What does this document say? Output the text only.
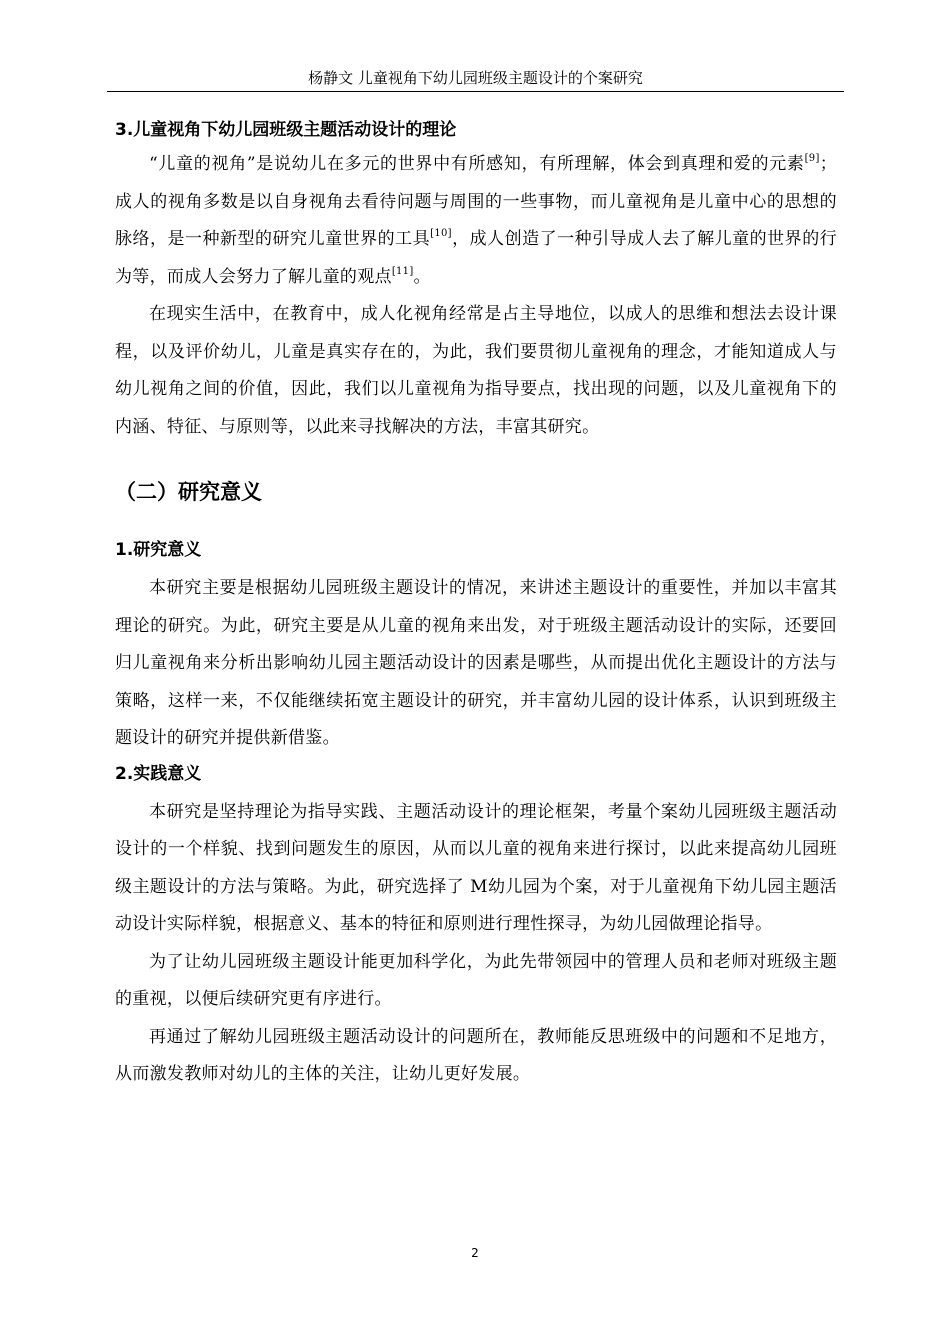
杨静文 儿童视角下幼儿园班级主题设计的个案研究
3.儿童视角下幼儿园班级主题活动设计的理论

“儿童的视角”是说幼儿在多元的世界中有所感知，有所理解，体会到真理和爱的元素[9]；成人的视角多数是以自身视角去看待问题与周围的一些事物，而儿童视角是儿童中心的思想的脉络，是一种新型的研究儿童世界的工具[10]，成人创造了一种引导成人去了解儿童的世界的行为等，而成人会努力了解儿童的观点[11]。

在现实生活中，在教育中，成人化视角经常是占主导地位，以成人的思维和想法去设计课程，以及评价幼儿，儿童是真实存在的，为此，我们要贯彻儿童视角的理念，才能知道成人与幼儿视角之间的价值，因此，我们以儿童视角为指导要点，找出现的问题，以及儿童视角下的内涵、特征、与原则等，以此来寻找解决的方法，丰富其研究。

（二）研究意义
1.研究意义

本研究主要是根据幼儿园班级主题设计的情况，来讲述主题设计的重要性，并加以丰富其理论的研究。为此，研究主要是从儿童的视角来出发，对于班级主题活动设计的实际，还要回归儿童视角来分析出影响幼儿园主题活动设计的因素是哪些，从而提出优化主题设计的方法与策略，这样一来，不仅能继续拓宽主题设计的研究，并丰富幼儿园的设计体系，认识到班级主题设计的研究并提供新借鉴。

2.实践意义

本研究是坚持理论为指导实践、主题活动设计的理论框架，考量个案幼儿园班级主题活动设计的一个样貌、找到问题发生的原因，从而以儿童的视角来进行探讨，以此来提高幼儿园班级主题设计的方法与策略。为此，研究选择了 M幼儿园为个案，对于儿童视角下幼儿园主题活动设计实际样貌，根据意义、基本的特征和原则进行理性探寻，为幼儿园做理论指导。

为了让幼儿园班级主题设计能更加科学化，为此先带领园中的管理人员和老师对班级主题的重视，以便后续研究更有序进行。

再通过了解幼儿园班级主题活动设计的问题所在，教师能反思班级中的问题和不足地方，从而激发教师对幼儿的主体的关注，让幼儿更好发展。

2
